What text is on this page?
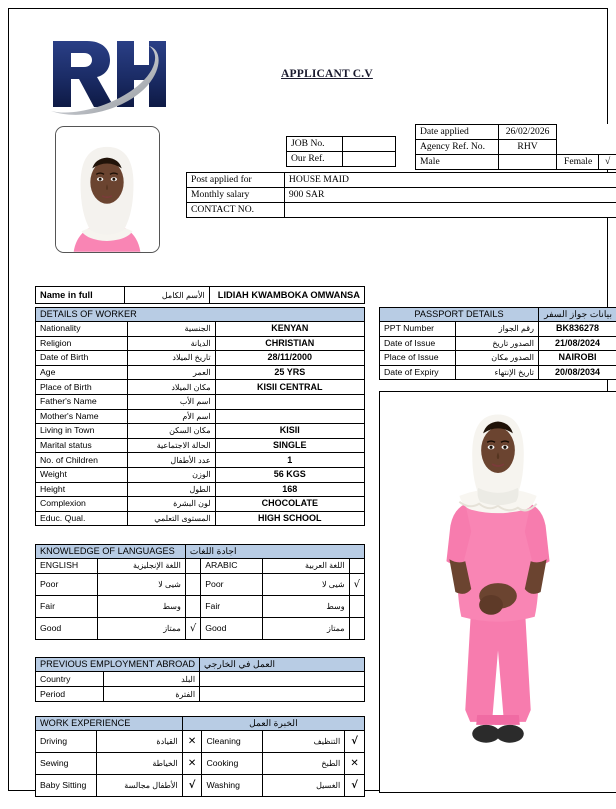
APPLICANT C.V
JOB No.	
Our Ref.	
Date applied	26/02/2026		
Agency Ref. No.	RHV		
Male		Female	√
Post applied for	HOUSE MAID
Monthly salary	900 SAR
CONTACT NO.	
Name in full	الأسم الكامل	LIDIAH KWAMBOKA OMWANSA
DETAILS OF WORKER		
Nationality	الجنسية	KENYAN
Religion	الديانة	CHRISTIAN
Date of Birth	تاريخ الميلاد	28/11/2000
Age	العمر	25 YRS
Place of Birth	مكان الميلاد	KISII CENTRAL
Father's Name	اسم الأب	
Mother's Name	اسم الأم	
Living in Town	مكان السكن	KISII
Marital status	الحالة الاجتماعية	SINGLE
No. of Children	عدد الأطفال	1
Weight	الوزن	56 KGS
Height	الطول	168
Complexion	لون البشرة	CHOCOLATE
Educ. Qual.	المستوى التعلمي	HIGH SCHOOL
PASSPORT DETAILS		بيانات جواز السفر
PPT Number	رقم الجواز	BK836278
Date of Issue	الصدور تاريخ	21/08/2024
Place of Issue	الصدور مكان	NAIROBI
Date of Expiry	تاريخ الإنتهاء	20/08/2034
KNOWLEDGE OF LANGUAGES		اجادة اللغات			
ENGLISH	اللغة الإنجليزية		ARABIC	اللغة العربية	
Poor	شيى لا		Poor	شيى لا	√
Fair	وسط		Fair	وسط	
Good	ممتاز	√	Good	ممتاز	
PREVIOUS EMPLOYMENT ABROAD		العمل في الخارجي
Country	البلد	
Period	الفترة	
WORK EXPERIENCE		الخبرة العمل			
Driving	القيادة	✕	Cleaning	التنظيف	√
Sewing	الخياطة	✕	Cooking	الطبخ	✕
Baby Sitting	الأطفال مجالسة	√	Washing	الغسيل	√
